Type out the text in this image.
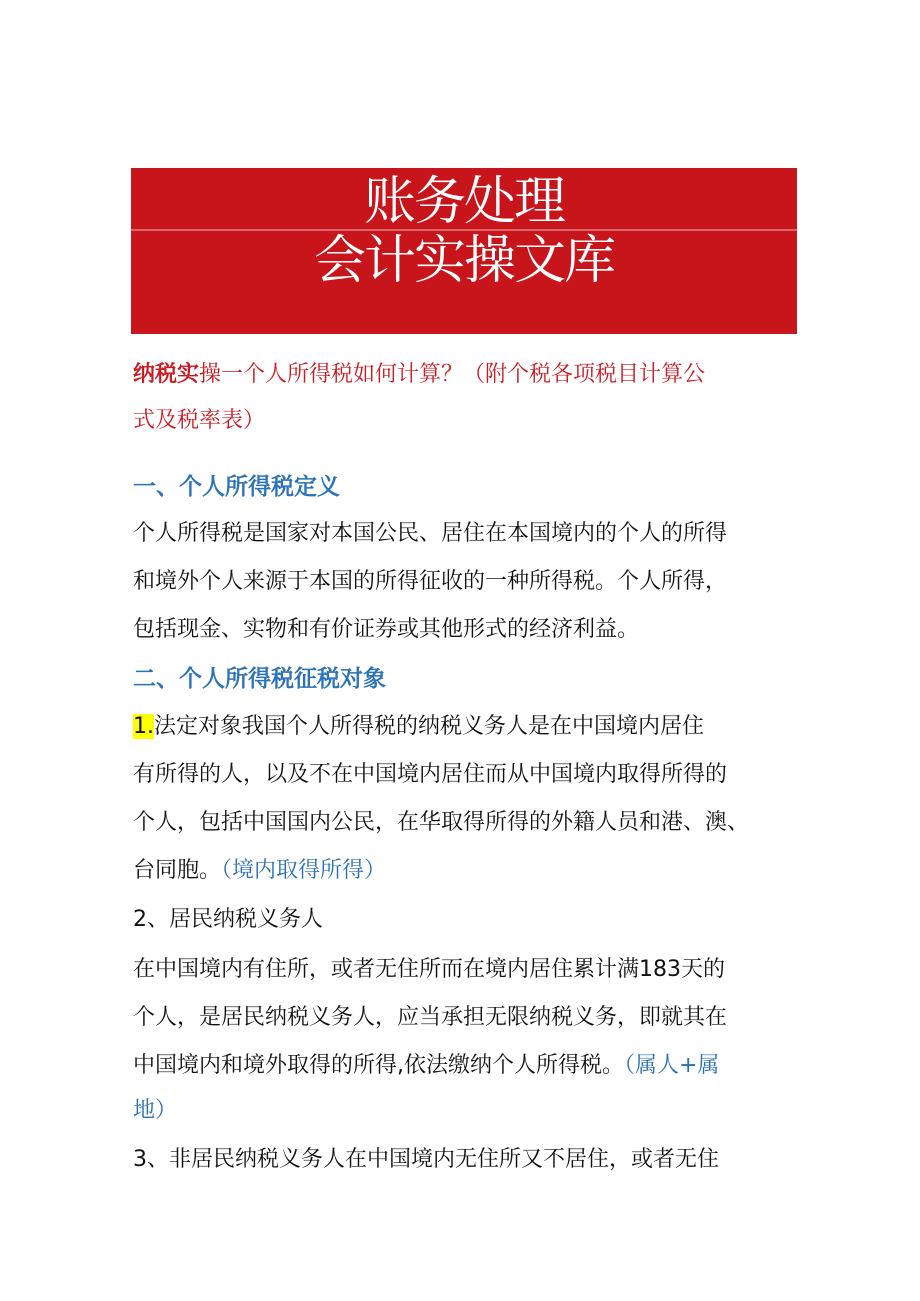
账务处理
会计实操文库
纳税实操一个人所得税如何计算？（附个税各项税目计算公
式及税率表）
一、个人所得税定义
个人所得税是国家对本国公民、居住在本国境内的个人的所得
和境外个人来源于本国的所得征收的一种所得税。个人所得，
包括现金、实物和有价证券或其他形式的经济利益。
二、个人所得税征税对象
1.法定对象我国个人所得税的纳税义务人是在中国境内居住
有所得的人，以及不在中国境内居住而从中国境内取得所得的
个人，包括中国国内公民，在华取得所得的外籍人员和港、澳、
台同胞。（境内取得所得）
2、居民纳税义务人
在中国境内有住所，或者无住所而在境内居住累计满183天的
个人，是居民纳税义务人，应当承担无限纳税义务，即就其在
中国境内和境外取得的所得,依法缴纳个人所得税。（属人+属
地）
3、非居民纳税义务人在中国境内无住所又不居住，或者无住
